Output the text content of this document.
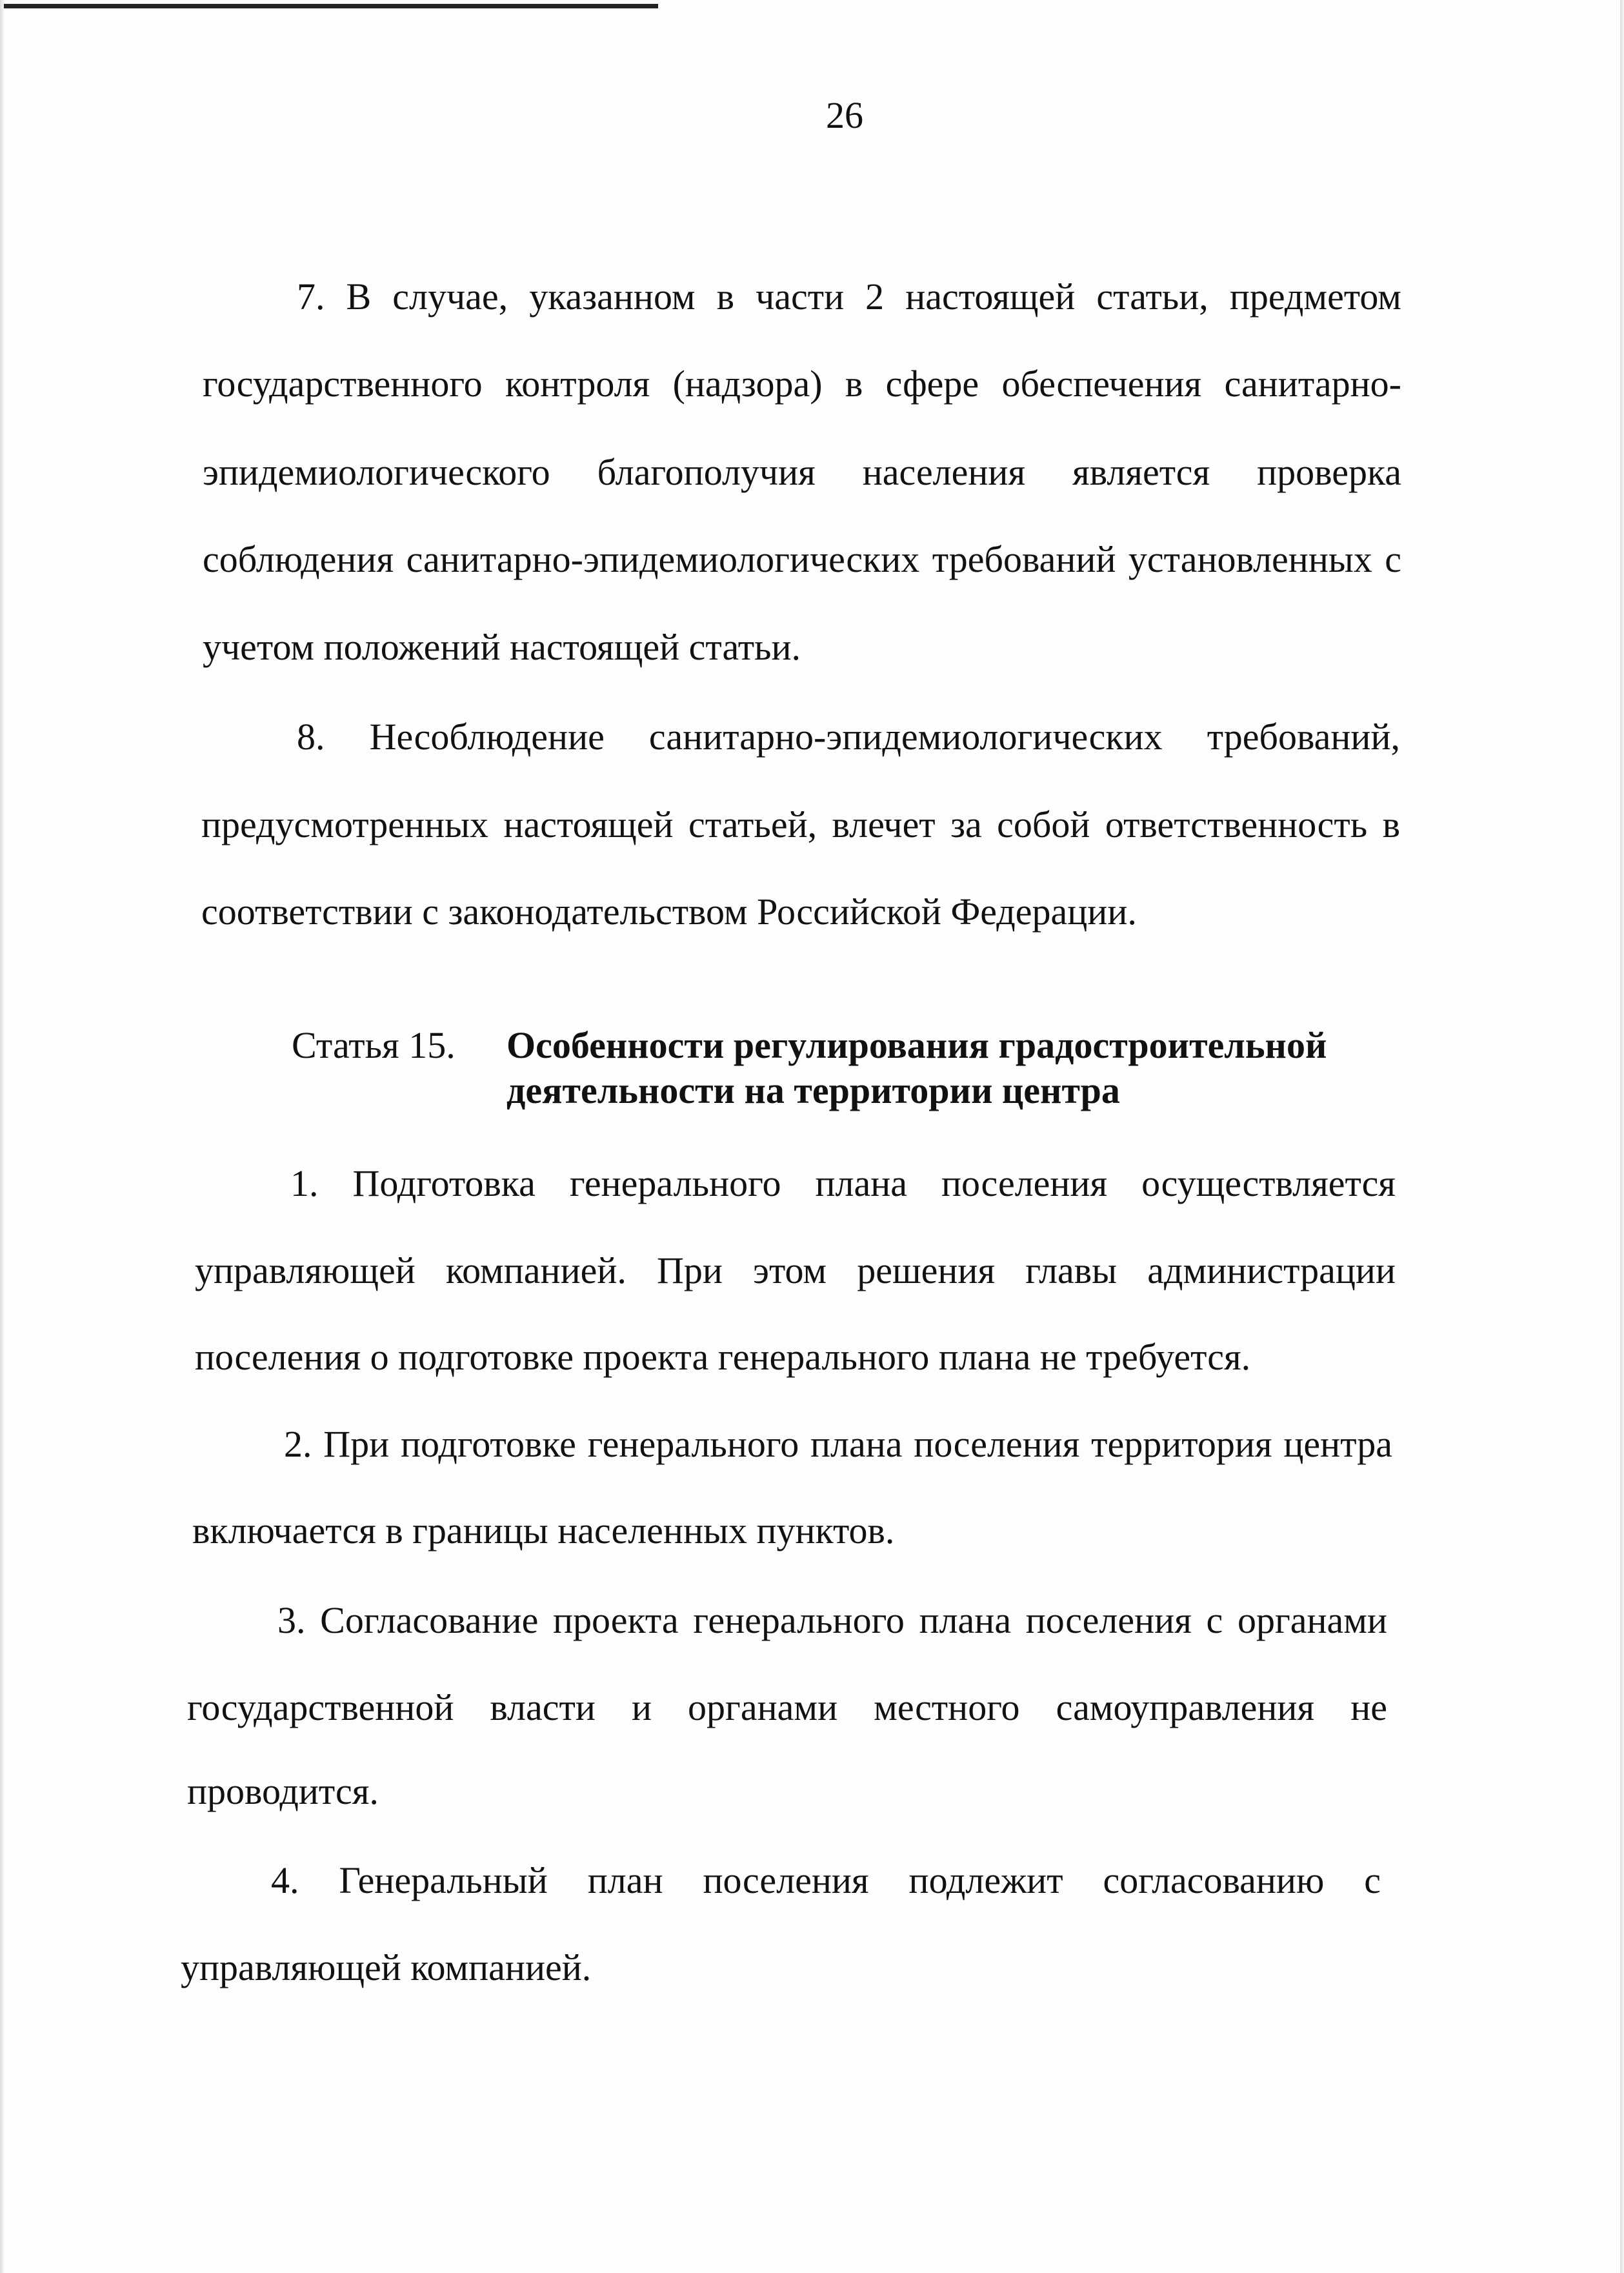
26
Статья 15.
7. В случае, указанном в части 2 настоящей статьи, предметом
государственного контроля (надзора) в сфере обеспечения санитарно-
эпидемиологического благополучия населения является проверка
соблюдения санитарно-эпидемиологических требований установленных с
учетом положений настоящей статьи.
8. Несоблюдение санитарно-эпидемиологических требований,
предусмотренных настоящей статьей, влечет за собой ответственность в
соответствии с законодательством Российской Федерации.
Особенности регулирования градостроительной
деятельности на территории центра
1. Подготовка генерального плана поселения осуществляется
управляющей компанией. При этом решения главы администрации
поселения о подготовке проекта генерального плана не требуется.
2. При подготовке генерального плана поселения территория центра
включается в границы населенных пунктов.
3. Согласование проекта генерального плана поселения с органами
государственной власти и органами местного самоуправления не
проводится.
4. Генеральный план поселения подлежит согласованию с
управляющей компанией.
